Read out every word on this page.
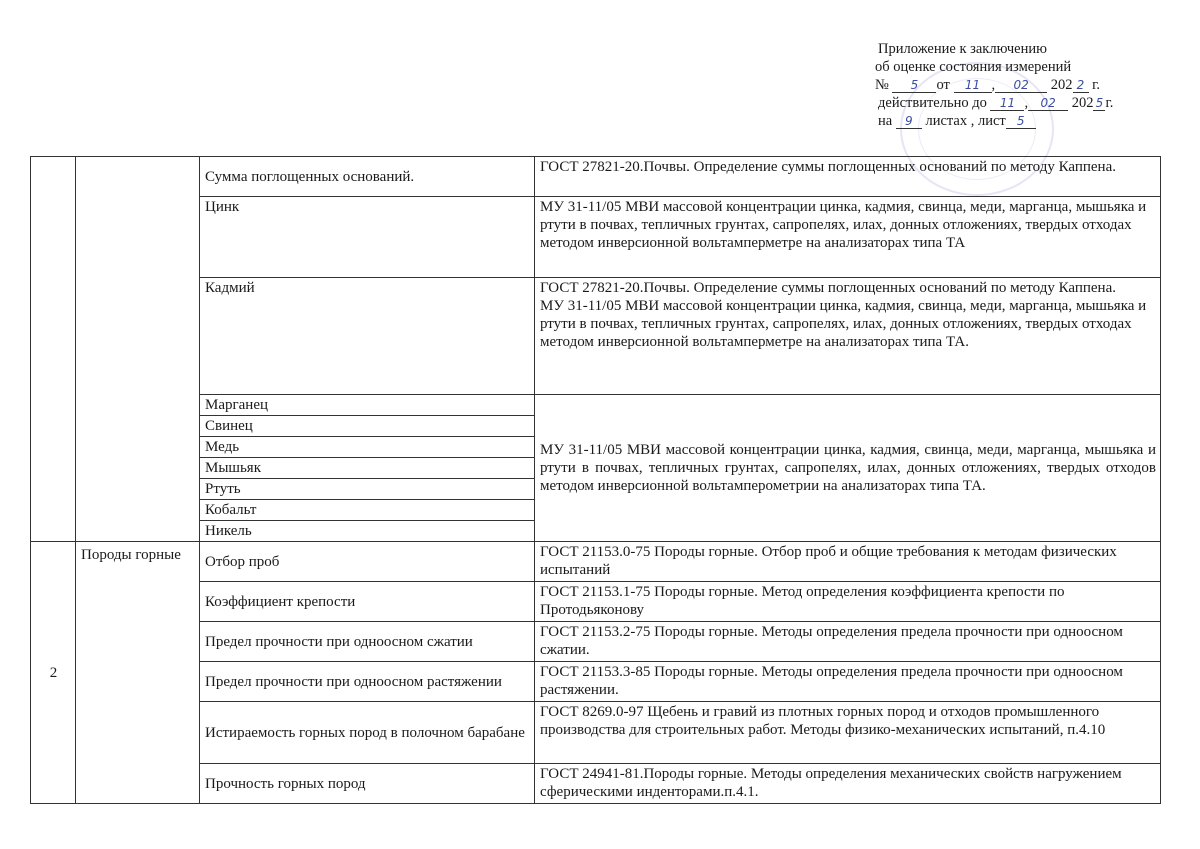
Приложение к заключению
об оценке состояния измерений
№ 5 от 11 , 02 202 2 г.
действительно до 11 , 02 202 5 г.
на 9 листах , лист 5
		Сумма поглощенных оснований.	ГОСТ 27821-20.Почвы. Определение суммы поглощенных оснований по методу Каппена.
		Цинк	МУ 31-11/05 МВИ массовой концентрации цинка, кадмия, свинца, меди, марганца, мышьяка и ртути в почвах, тепличных грунтах, сапропелях, илах, донных отложениях, твердых отходах методом инверсионной вольтамперметре на анализаторах типа ТА
		Кадмий	ГОСТ 27821-20.Почвы. Определение суммы поглощенных оснований по методу Каппена.
МУ 31-11/05 МВИ массовой концентрации цинка, кадмия, свинца, меди, марганца, мышьяка и ртути в почвах, тепличных грунтах, сапропелях, илах, донных отложениях, твердых отходах методом инверсионной вольтамперметре на анализаторах типа ТА.

		Марганец	МУ 31-11/05 МВИ массовой концентрации цинка, кадмия, свинца, меди, марганца, мышьяка и ртути в почвах, тепличных грунтах, сапропелях, илах, донных отложениях, твердых отходов методом инверсионной вольтамперометрии на анализаторах типа ТА.
		Свинец	
		Медь	
		Мышьяк	
		Ртуть	
		Кобальт	
		Никель	
2	Породы горные	Отбор проб	ГОСТ 21153.0-75 Породы горные. Отбор проб и общие требования к методам физических испытаний
		Коэффициент крепости	ГОСТ 21153.1-75 Породы горные. Метод определения коэффициента крепости по Протодьяконову
		Предел прочности при одноосном сжатии	ГОСТ 21153.2-75 Породы горные. Методы определения предела прочности при одноосном сжатии.
		Предел прочности при одноосном растяжении	ГОСТ 21153.3-85 Породы горные. Методы определения предела прочности при одноосном растяжении.
		Истираемость горных пород в полочном барабане	ГОСТ 8269.0-97 Щебень и гравий из плотных горных пород и отходов промышленного производства для строительных работ. Методы физико-механических испытаний, п.4.10
		Прочность горных пород	ГОСТ 24941-81.Породы горные. Методы определения механических свойств нагружением сферическими инденторами.п.4.1.
